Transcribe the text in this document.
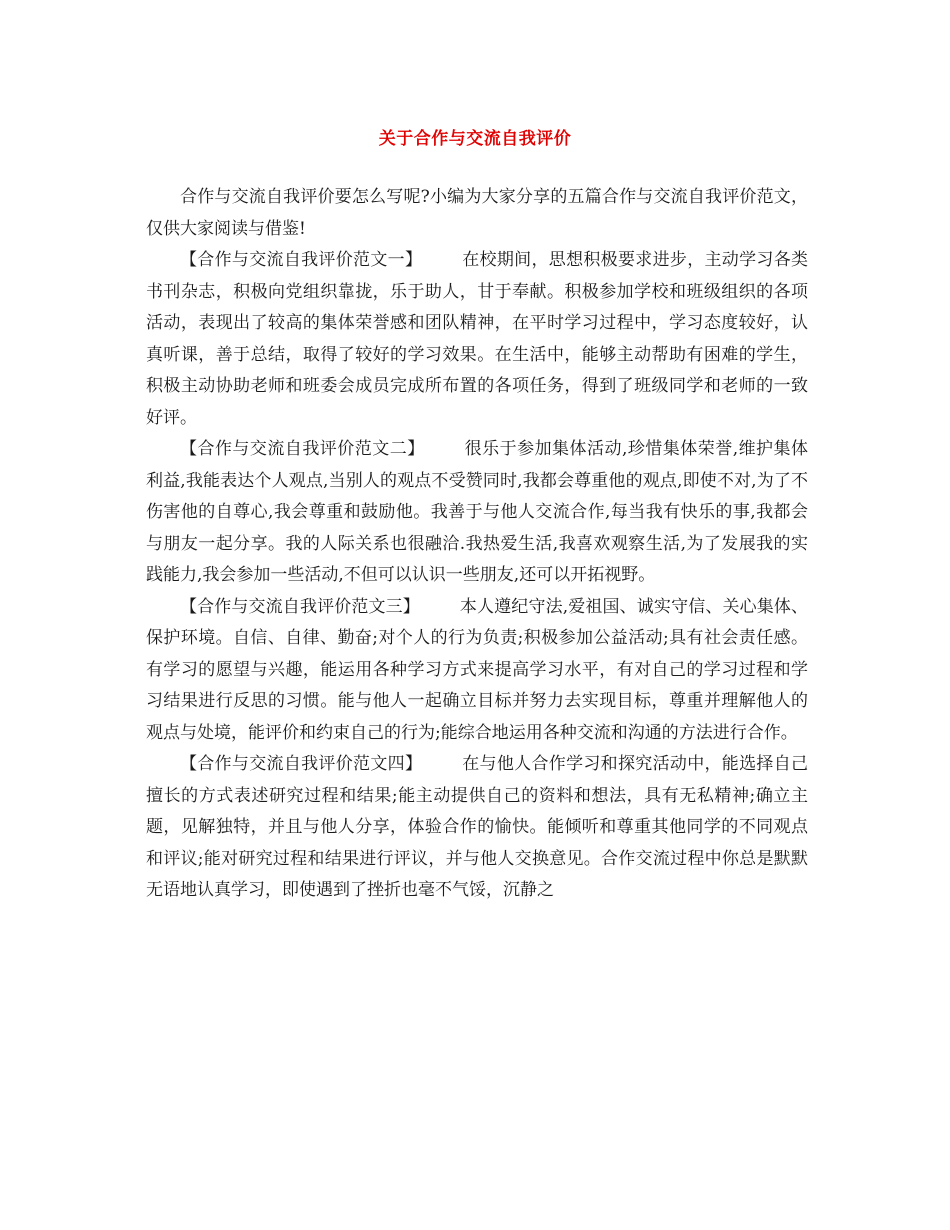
关于合作与交流自我评价

合作与交流自我评价要怎么写呢?小编为大家分享的五篇合作与交流自我评价范文，仅供大家阅读与借鉴!

【合作与交流自我评价范文一】 在校期间，思想积极要求进步，主动学习各类书刊杂志，积极向党组织靠拢，乐于助人，甘于奉献。积极参加学校和班级组织的各项活动，表现出了较高的集体荣誉感和团队精神，在平时学习过程中，学习态度较好，认真听课，善于总结，取得了较好的学习效果。在生活中，能够主动帮助有困难的学生，积极主动协助老师和班委会成员完成所布置的各项任务，得到了班级同学和老师的一致好评。

【合作与交流自我评价范文二】 很乐于参加集体活动,珍惜集体荣誉,维护集体利益,我能表达个人观点,当别人的观点不受赞同时,我都会尊重他的观点,即使不对,为了不伤害他的自尊心,我会尊重和鼓励他。我善于与他人交流合作,每当我有快乐的事,我都会与朋友一起分享。我的人际关系也很融洽.我热爱生活,我喜欢观察生活,为了发展我的实践能力,我会参加一些活动,不但可以认识一些朋友,还可以开拓视野。

【合作与交流自我评价范文三】 本人遵纪守法,爱祖国、诚实守信、关心集体、保护环境。自信、自律、勤奋;对个人的行为负责;积极参加公益活动;具有社会责任感。 有学习的愿望与兴趣，能运用各种学习方式来提高学习水平，有对自己的学习过程和学习结果进行反思的习惯。能与他人一起确立目标并努力去实现目标，尊重并理解他人的观点与处境，能评价和约束自己的行为;能综合地运用各种交流和沟通的方法进行合作。

【合作与交流自我评价范文四】 在与他人合作学习和探究活动中，能选择自己擅长的方式表述研究过程和结果;能主动提供自己的资料和想法，具有无私精神;确立主题，见解独特，并且与他人分享，体验合作的愉快。能倾听和尊重其他同学的不同观点和评议;能对研究过程和结果进行评议，并与他人交换意见。合作交流过程中你总是默默无语地认真学习，即使遇到了挫折也毫不气馁，沉静之
